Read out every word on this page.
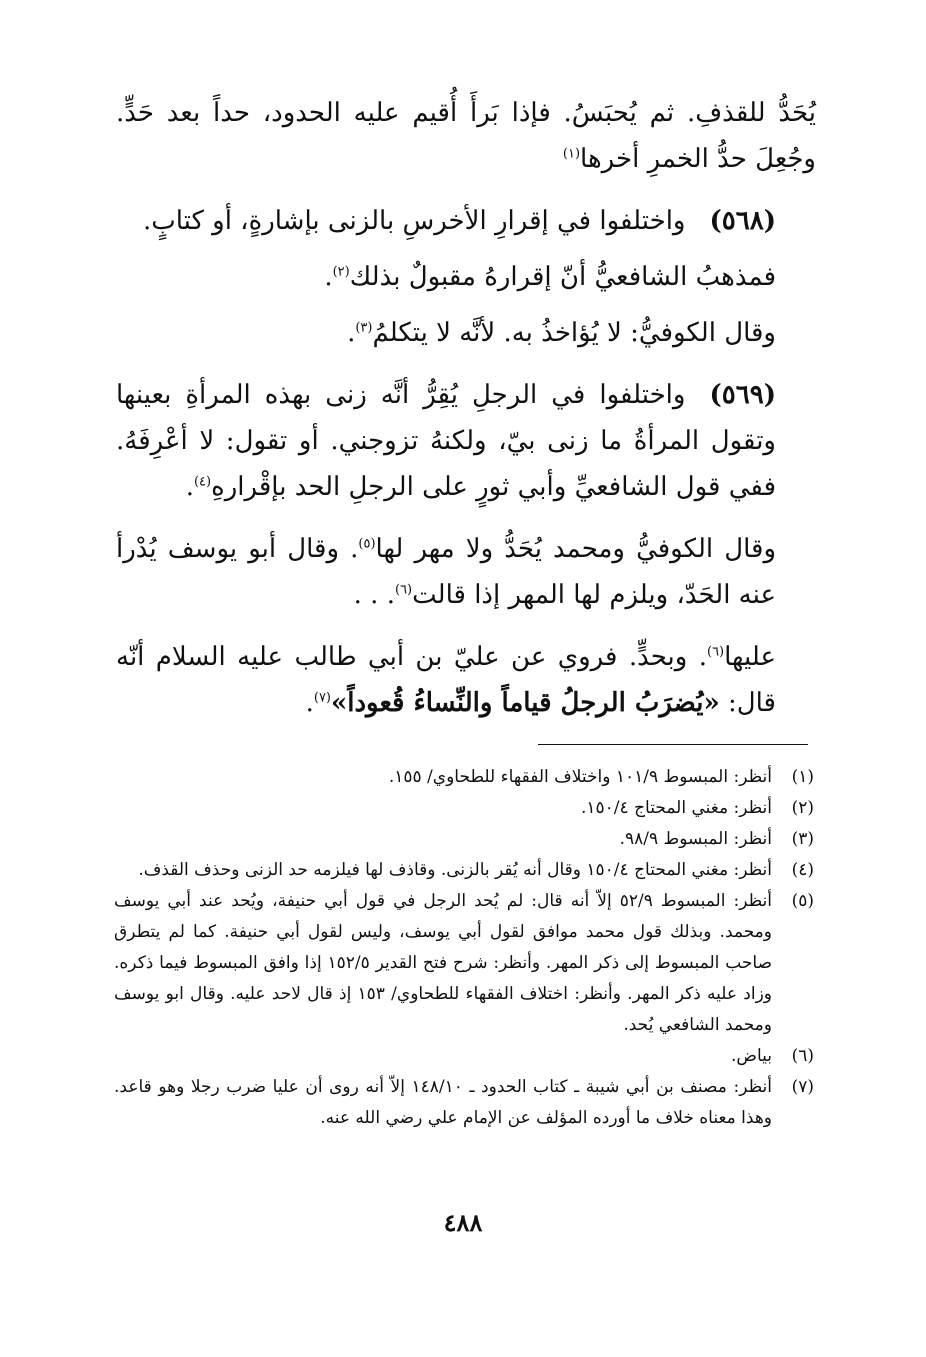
يُحَدُّ للقذفِ. ثم يُحبَسُ. فإذا بَرأَ أُقيم عليه الحدود، حداً بعد حَدٍّ. وجُعِلَ حدُّ الخمرِ أخرها$^{(١)}$

(٥٦٨)واختلفوا في إقرارِ الأخرسِ بالزنى بإشارةٍ، أو كتابٍ.

فمذهبُ الشافعيُّ أنّ إقرارهُ مقبولٌ بذلك$^{(٢)}$.

وقال الكوفيُّ: لا يُؤاخذُ به. لأنَّه لا يتكلمُ$^{(٣)}$.

(٥٦٩)واختلفوا في الرجلِ يُقِرُّ أنَّه زنى بهذه المرأةِ بعينها وتقول المرأةُ ما زنى بيّ، ولكنهُ تزوجني. أو تقول: لا أعْرِفَهُ. ففي قول الشافعيِّ وأبي ثورٍ على الرجلِ الحد بإقْرارهِ$^{(٤)}$.

وقال الكوفيُّ ومحمد يُحَدُّ ولا مهر لها$^{(٥)}$. وقال أبو يوسف يُدْرأ عنه الحَدّ، ويلزم لها المهر إذا قالت$^{(٦)}$. . .

عليها$^{(٦)}$. وبحدٍّ. فروي عن عليّ بن أبي طالب عليه السلام أنّه قال: «يُضرَبُ الرجلُ قياماً والنِّساءُ قُعوداً»$^{(٧)}$.

(١)
أنظر: المبسوط ١٠١/٩ واختلاف الفقهاء للطحاوي/ ١٥٥.
(٢)
أنظر: مغني المحتاج ١٥٠/٤.
(٣)
أنظر: المبسوط ٩٨/٩.
(٤)
أنظر: مغني المحتاج ١٥٠/٤ وقال أنه يُقر بالزنى. وقاذف لها فيلزمه حد الزنى وحذف القذف.
(٥)
أنظر: المبسوط ٥٢/٩ إلاّ أنه قال: لم يُحد الرجل في قول أبي حنيفة، ويُحد عند أبي يوسف ومحمد. وبذلك قول محمد موافق لقول أبي يوسف، وليس لقول أبي حنيفة. كما لم يتطرق صاحب المبسوط إلى ذكر المهر. وأنظر: شرح فتح القدير ١٥٢/٥ إذا وافق المبسوط فيما ذكره. وزاد عليه ذكر المهر. وأنظر: اختلاف الفقهاء للطحاوي/ ١٥٣ إذ قال لاحد عليه. وقال ابو يوسف ومحمد الشافعي يُحد.
(٦)
بياض.
(٧)
أنظر: مصنف بن أبي شيبة ـ كتاب الحدود ـ ١٤٨/١٠ إلاّ أنه روى أن عليا ضرب رجلا وهو قاعد. وهذا معناه خلاف ما أورده المؤلف عن الإمام علي رضي الله عنه.
٤٨٨
